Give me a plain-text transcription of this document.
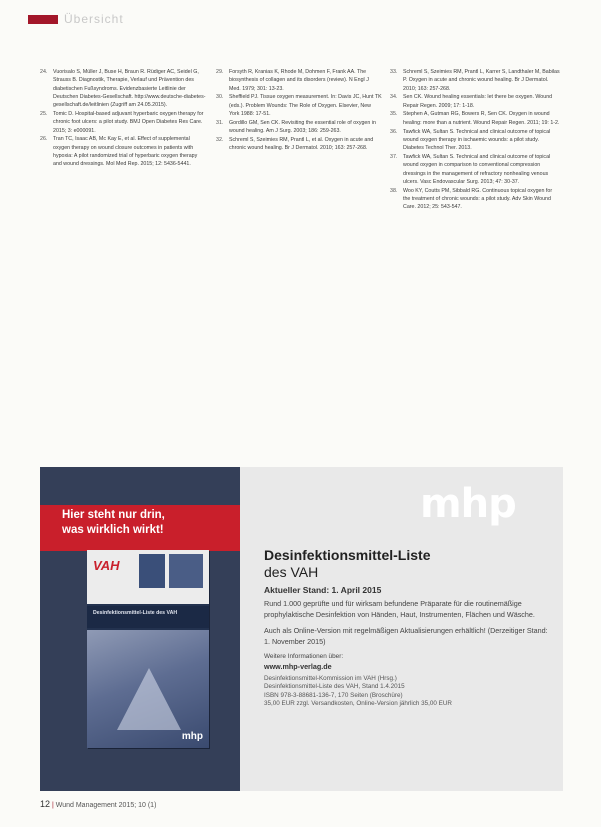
Übersicht
24.	Vuorisalo S, Müller J, Buse H, Braun R. Rüdiger AC, Seidel G, Strauss B. Diagnostik, Therapie, Verlauf und Prävention des diabetischen Fußsyndroms. Evidenzbasierte Leitlinie der Deutschen Diabetes-Gesellschaft. http://www.deutsche-diabetes-gesellschaft.de/leitlinien (Zugriff am 24.05.2015).
25.	Tomic D. Hospital-based adjuvant hyperbaric oxygen therapy for chronic foot ulcers: a pilot study. BMJ Open Diabetes Res Care. 2015; 3: e000091.
26.	Tran TC, Isaac AB, Mc Kay E, et al. Effect of supplemental oxygen therapy on wound closure outcomes in patients with hypoxia: A pilot randomized trial of hyperbaric oxygen therapy and wound dressings. Mol Med Rep. 2015; 12: 5436-5441.
29.	Forsyth R, Kranias K, Rhode M, Dohmen F, Frank AA. The biosynthesis of collagen and its disorders (review). N Engl J Med. 1979; 301: 13-23.
30.	Sheffield PJ. Tissue oxygen measurement. In: Davis JC, Hunt TK (eds.). Problem Wounds: The Role of Oxygen. Elsevier, New York 1988: 17-51.
31.	Gordillo GM, Sen CK. Revisiting the essential role of oxygen in wound healing. Am J Surg. 2003; 186: 259-263.
32.	Schreml S, Szeimies RM, Prantl L, et al. Oxygen in acute and chronic wound healing. Br J Dermatol. 2010; 163: 257-268.
33.	Schreml S, Szeimies RM, Prantl L, Karrer S, Landthaler M, Babilas P. Oxygen in acute and chronic wound healing. Br J Dermatol. 2010; 163: 257-268.
34.	Sen CK. Wound healing essentials: let there be oxygen. Wound Repair Regen. 2009; 17: 1-18.
35.	Stephen A, Gutman RG, Bowers R, Sen CK. Oxygen in wound healing: more than a nutrient. Wound Repair Regen. 2011; 19: 1-2.
36.	Tawfick WA, Sultan S. Technical and clinical outcome of topical wound oxygen therapy in ischaemic wounds: a pilot study. Diabetes Technol Ther. 2013.
37.	Tawfick WA, Sultan S. Technical and clinical outcome of topical wound oxygen in comparison to conventional compression dressings in the management of refractory nonhealing venous ulcers. Vasc Endovascular Surg. 2013; 47: 30-37.
38.	Woo KY, Coutts PM, Sibbald RG. Continuous topical oxygen for the treatment of chronic wounds: a pilot study. Adv Skin Wound Care. 2012; 25: 543-547.
Hier steht nur drin,
was wirklich wirkt!
VAH
Desinfektionsmittel-Liste des VAH
mhp
mhp
Desinfektionsmittel-Liste
des VAH
Aktueller Stand: 1. April 2015

Rund 1.000 geprüfte und für wirksam befundene Präparate für die routinemäßige prophylaktische Desinfektion von Händen, Haut, Instrumenten, Flächen und Wäsche.

Auch als Online-Version mit regelmäßigen Aktualisierungen erhältlich! (Derzeitiger Stand: 1. November 2015)

Weitere Informationen über:
www.mhp-verlag.de
Desinfektionsmittel-Kommission im VAH (Hrsg.)
Desinfektionsmittel-Liste des VAH, Stand 1.4.2015
ISBN 978-3-88681-136-7, 170 Seiten (Broschüre)
35,00 EUR zzgl. Versandkosten, Online-Version jährlich 35,00 EUR
12 | Wund Management 2015; 10 (1)
